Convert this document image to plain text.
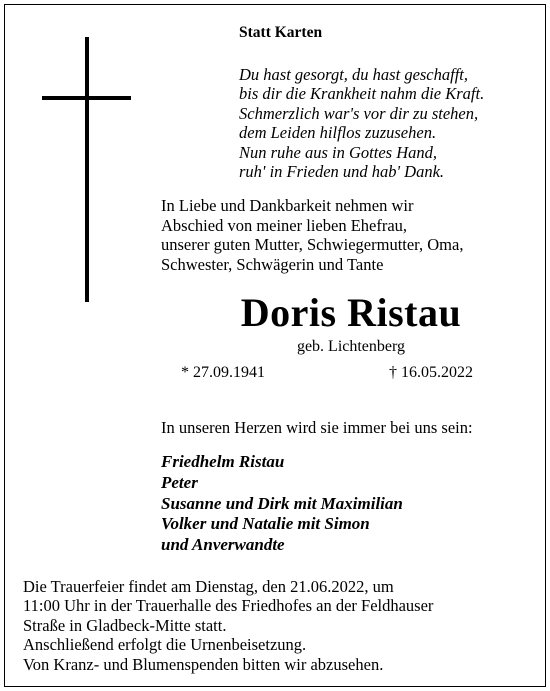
Statt Karten
Du hast gesorgt, du hast geschafft,
bis dir die Krankheit nahm die Kraft.
Schmerzlich war's vor dir zu stehen,
dem Leiden hilflos zuzusehen.
Nun ruhe aus in Gottes Hand,
ruh' in Frieden und hab' Dank.
In Liebe und Dankbarkeit nehmen wir
Abschied von meiner lieben Ehefrau,
unserer guten Mutter, Schwiegermutter, Oma,
Schwester, Schwägerin und Tante
Doris Ristau
geb. Lichtenberg
* 27.09.1941	† 16.05.2022
In unseren Herzen wird sie immer bei uns sein:
Friedhelm Ristau
Peter
Susanne und Dirk mit Maximilian
Volker und Natalie mit Simon
und Anverwandte
Die Trauerfeier findet am Dienstag, den 21.06.2022, um
11:00 Uhr in der Trauerhalle des Friedhofes an der Feldhauser
Straße in Gladbeck-Mitte statt.
Anschließend erfolgt die Urnenbeisetzung.
Von Kranz- und Blumenspenden bitten wir abzusehen.
